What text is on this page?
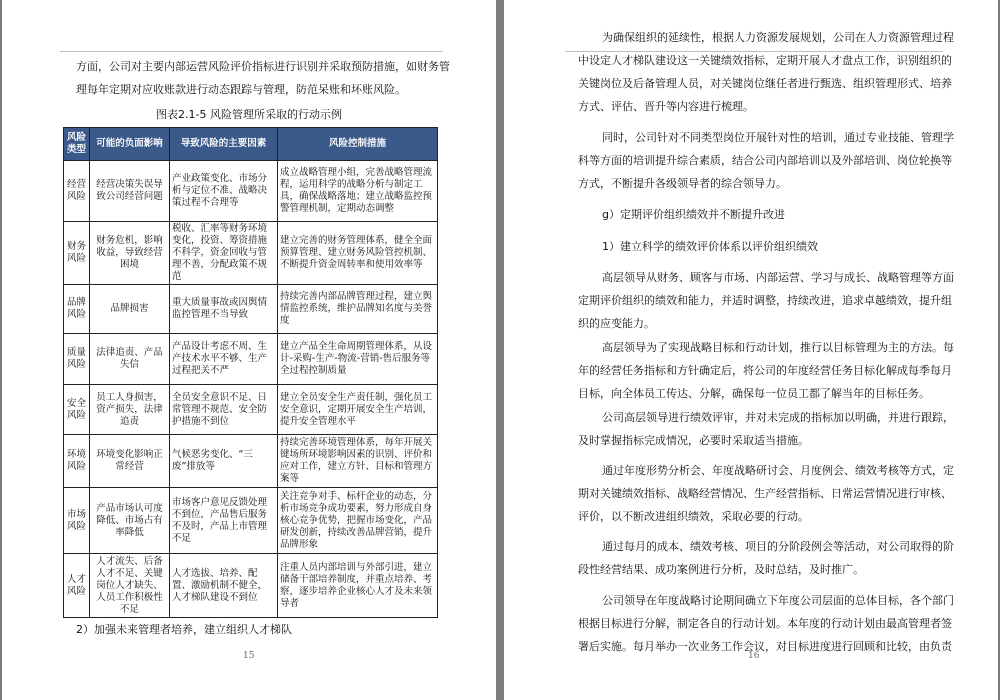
方面，公司对主要内部运营风险评价指标进行识别并采取预防措施，如财务管

理每年定期对应收账款进行动态跟踪与管理，防范呆账和坏账风险。

图表2.1-5 风险管理所采取的行动示例
风险类型	可能的负面影响	导致风险的主要因素	风险控制措施
经营风险	经营决策失误导致公司经营问题	产业政策变化、市场分析与定位不准、战略决策过程不合理等	成立战略管理小组，完善战略管理流程，运用科学的战略分析与制定工具，确保战略落地；建立战略监控预警管理机制，定期动态调整
财务风险	财务危机，影响收益，导致经营困境	税收、汇率等财务环境变化，投资、筹资措施不科学，资金回收与管理不善，分配政策不规范	建立完善的财务管理体系，健全全面预算管理、建立财务风险管控机制、不断提升资金周转率和使用效率等
品牌风险	品牌损害	重大质量事故或因舆情监控管理不当导致	持续完善内部品牌管理过程，建立舆情监控系统，维护品牌知名度与美誉度
质量风险	法律追责、产品失信	产品设计考虑不周、生产技术水平不够、生产过程把关不严	建立产品全生命周期管理体系，从设计-采购-生产-物流-营销-售后服务等全过程控制质量
安全风险	员工人身损害，资产损失，法律追责	全员安全意识不足、日常管理不规范、安全防护措施不到位	建立全员安全生产责任制，强化员工安全意识，定期开展安全生产培训，提升安全管理水平
环境风险	环境变化影响正常经营	气候恶劣变化、“三废”排放等	持续完善环境管理体系，每年开展关键场所环境影响因素的识别、评价和应对工作，建立方针、目标和管理方案等
市场风险	产品市场认可度降低、市场占有率降低	市场客户意见反馈处理不到位，产品售后服务不及时，产品上市管理不足	关注竞争对手、标杆企业的动态，分析市场竞争成功要素，努力形成自身核心竞争优势，把握市场变化，产品研发创新，持续改善品牌营销，提升品牌形象
人才风险	人才流失、后备人才不足、关键岗位人才缺失、人员工作积极性不足	人才选拔、培养、配置、激励机制不健全，人才梯队建设不到位	注重人员内部培训与外部引进，建立储备干部培养制度，并重点培养、考察，逐步培养企业核心人才及未来领导者
2）加强未来管理者培养，建立组织人才梯队
15

为确保组织的延续性，根据人力资源发展规划，公司在人力资源管理过程

中设定人才梯队建设这一关键绩效指标，定期开展人才盘点工作，识别组织的

关键岗位及后备管理人员，对关键岗位继任者进行甄选、组织管理形式、培养

方式、评估、晋升等内容进行梳理。

同时，公司针对不同类型岗位开展针对性的培训，通过专业技能、管理学

科等方面的培训提升综合素质，结合公司内部培训以及外部培训、岗位轮换等

方式，不断提升各级领导者的综合领导力。

g）定期评价组织绩效并不断提升改进

1）建立科学的绩效评价体系以评价组织绩效

高层领导从财务、顾客与市场、内部运营、学习与成长、战略管理等方面

定期评价组织的绩效和能力，并适时调整，持续改进，追求卓越绩效，提升组

织的应变能力。

高层领导为了实现战略目标和行动计划，推行以目标管理为主的方法。每

年的经营任务指标和方针确定后，将公司的年度经营任务目标化解成每季每月

目标，向全体员工传达、分解，确保每一位员工都了解当年的目标任务。

公司高层领导进行绩效评审，并对未完成的指标加以明确，并进行跟踪，

及时掌握指标完成情况，必要时采取适当措施。

通过年度形势分析会、年度战略研讨会、月度例会、绩效考核等方式，定

期对关键绩效指标、战略经营情况、生产经营指标、日常运营情况进行审核、

评价，以不断改进组织绩效，采取必要的行动。

通过每月的成本、绩效考核、项目的分阶段例会等活动，对公司取得的阶

段性经营结果、成功案例进行分析，及时总结，及时推广。

公司领导在年度战略讨论期间确立下年度公司层面的总体目标，各个部门

根据目标进行分解，制定各自的行动计划。本年度的行动计划由最高管理者签

署后实施。每月举办一次业务工作会议，对目标进度进行回顾和比较，由负责

16
